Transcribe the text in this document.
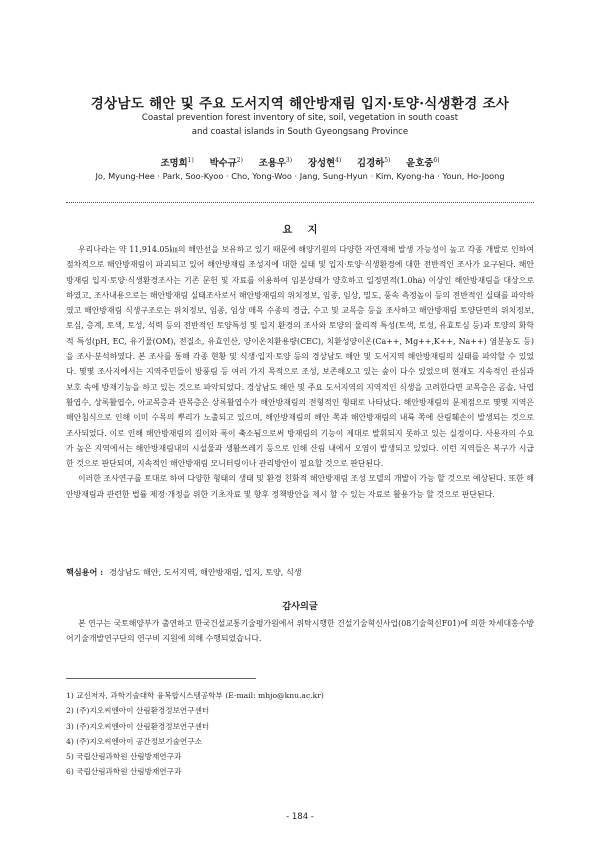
경상남도 해안 및 주요 도서지역 해안방재림 입지·토양·식생환경 조사
Coastal prevention forest inventory of site, soil, vegetation in south coast
and coastal islands in South Gyeongsang Province
조명희$^{1)}$ 박수규$^{2)}$ 조용우$^{3)}$ 장성현$^{4)}$ 김경하$^{5)}$ 윤호중$^{6)}$
Jo, Myung-Hee · Park, Soo-Kyoo · Cho, Yong-Woo · Jang, Sung-Hyun · Kim, Kyong-ha · Youn, Ho-Joong
요 지

우리나라는 약 11,914.05㎞의 해안선을 보유하고 있기 때문에 해양기원의 다양한 자연재해 발생 가능성이 높고 각종 개발로 인하여 점차적으로 해안방재림이 파괴되고 있어 해안방재림 조성지에 대한 실태 및 입지·토양·식생환경에 대한 전반적인 조사가 요구된다. 해안방재림 입지·토양·식생환경조사는 기존 문헌 및 자료를 이용하여 임분상태가 양호하고 일정면적(1.0ha) 이상인 해안방재림을 대상으로 하였고, 조사내용으로는 해안방재림 실태조사로서 해안방재림의 위치정보, 임종, 임상, 밀도, 풍속 측정높이 등의 전반적인 실태를 파악하였고 해안방재림 식생구조로는 위치정보, 임종, 임상 매목 수종의 경급, 수고 및 교목층 등을 조사하고 해안방재림 토양단면의 위치정보, 토심, 층계, 토색, 토성, 석력 등의 전반적인 토양특성 및 입지 환경의 조사와 토양의 물리적 특성(토색, 토성, 유효토심 등)과 토양의 화학적 특성(pH, EC, 유기물(OM), 전질소, 유효인산, 양이온치환용량(CEC), 치환성양이온(Ca++, Mg++,K++, Na++) 염분농도 등)을 조사·분석하였다. 본 조사를 통해 각종 현황 및 식생·입지·토양 등의 경상남도 해안 및 도서지역 해안방재림의 실태를 파악할 수 있었다. 몇몇 조사지에서는 지역주민들이 방풍림 등 여러 가지 목적으로 조성, 보존해오고 있는 숲이 다수 있었으며 현재도 지속적인 관심과 보호 속에 방재기능을 하고 있는 것으로 파악되었다. 경상남도 해안 및 주요 도서지역의 지역적인 식생을 고려한다면 교목층은 곰솔, 낙엽활엽수, 상록활엽수, 아교목층과 관목층은 상록활엽수가 해안방재림의 전형적인 형태로 나타났다. 해안방재림의 문제점으로 몇몇 지역은 해안침식으로 인해 이미 수목의 뿌리가 노출되고 있으며, 해안방재림의 해안 쪽과 해안방재림의 내륙 쪽에 산림훼손이 발생되는 것으로 조사되었다. 이로 인해 해안방재림의 길이와 폭이 축소됨으로써 방재림의 기능이 제대로 발휘되지 못하고 있는 실정이다. 사용자의 수요가 높은 지역에서는 해안방재림내의 시설물과 생활쓰레기 등으로 인해 산림 내에서 오염이 발생되고 있었다. 이런 지역들은 복구가 시급한 것으로 판단되며, 지속적인 해안방재림 모니터링이나 관리방안이 필요할 것으로 판단된다.

이러한 조사연구를 토대로 하여 다양한 형태의 생태 및 환경 친화적 해안방재림 조성 모델의 개발이 가능 할 것으로 예상된다. 또한 해안방재림과 관련한 법률 제정·개정을 위한 기초자료 및 향후 정책방안을 제시 할 수 있는 자료로 활용가능 할 것으로 판단된다.

핵심용어 : 경상남도 해안, 도서지역, 해안방재림, 입지, 토양, 식생
감사의글

본 연구는 국토해양부가 출연하고 한국건설교통기술평가원에서 위탁시행한 건설기술혁신사업(08기술혁신F01)에 의한 차세대홍수방어기술개발연구단의 연구비 지원에 의해 수행되었습니다.

1) 교신저자, 과학기술대학 융복합시스템공학부 (E-mail: mhjo@knu.ac.kr)
2) (주)지오씨엔아이 산림환경정보연구센터
3) (주)지오씨엔아이 산림환경정보연구센터
4) (주)지오씨엔아이 공간정보기술연구소
5) 국립산림과학원 산림방재연구과
6) 국립산림과학원 산림방재연구과
- 184 -
